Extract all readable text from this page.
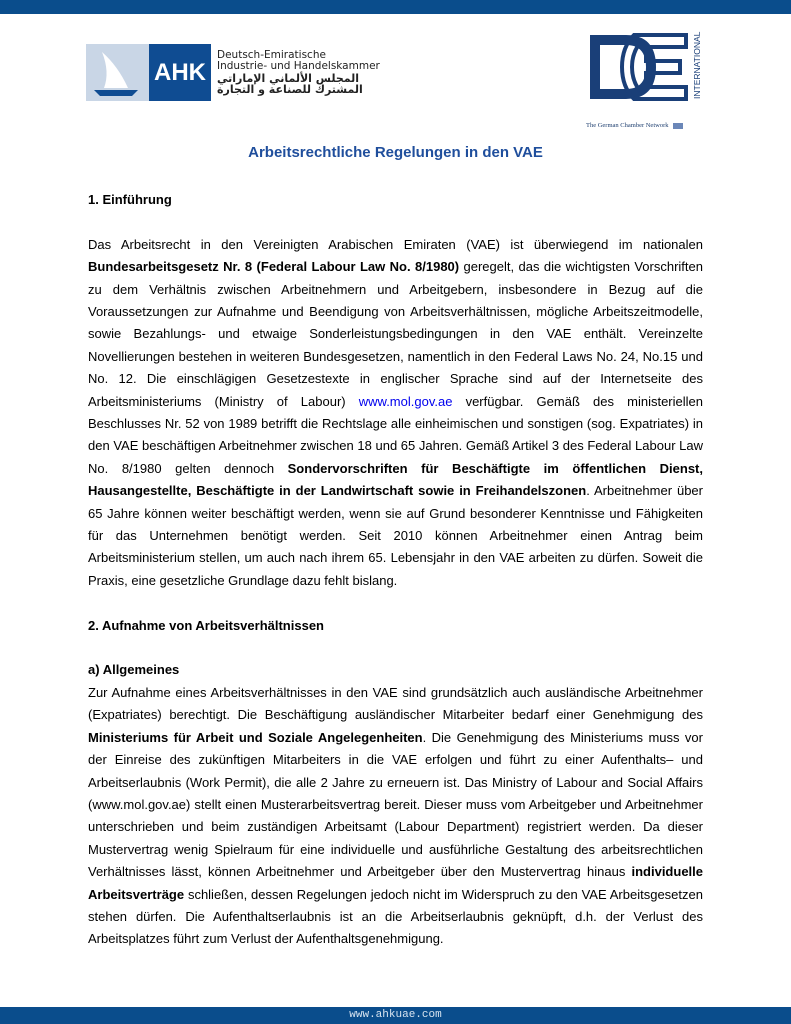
AHK
Deutsch-Emiratische
Industrie- und Handelskammer
المجلس الألماني الإماراتي
المشترك للصناعة و التجارة	INTERNATIONAL
The German Chamber Network
Arbeitsrechtliche Regelungen in den VAE
1. Einführung

Das Arbeitsrecht in den Vereinigten Arabischen Emiraten (VAE) ist überwiegend im nationalen Bundesarbeitsgesetz Nr. 8 (Federal Labour Law No. 8/1980) geregelt, das die wichtigsten Vorschriften zu dem Verhältnis zwischen Arbeitnehmern und Arbeitgebern, insbesondere in Bezug auf die Voraussetzungen zur Aufnahme und Beendigung von Arbeitsverhältnissen, mögliche Arbeitszeitmodelle, sowie Bezahlungs- und etwaige Sonderleistungsbedingungen in den VAE enthält. Vereinzelte Novellierungen bestehen in weiteren Bundesgesetzen, namentlich in den Federal Laws No. 24, No.15 und No. 12. Die einschlägigen Gesetzestexte in englischer Sprache sind auf der Internetseite des Arbeitsministeriums (Ministry of Labour) www.mol.gov.ae verfügbar. Gemäß des ministeriellen Beschlusses Nr. 52 von 1989 betrifft die Rechtslage alle einheimischen und sonstigen (sog. Expatriates) in den VAE beschäftigen Arbeitnehmer zwischen 18 und 65 Jahren. Gemäß Artikel 3 des Federal Labour Law No. 8/1980 gelten dennoch Sondervorschriften für Beschäftigte im öffentlichen Dienst, Hausangestellte, Beschäftigte in der Landwirtschaft sowie in Freihandelszonen. Arbeitnehmer über 65 Jahre können weiter beschäftigt werden, wenn sie auf Grund besonderer Kenntnisse und Fähigkeiten für das Unternehmen benötigt werden. Seit 2010 können Arbeitnehmer einen Antrag beim Arbeitsministerium stellen, um auch nach ihrem 65. Lebensjahr in den VAE arbeiten zu dürfen. Soweit die Praxis, eine gesetzliche Grundlage dazu fehlt bislang.

2. Aufnahme von Arbeitsverhältnissen
a) Allgemeines

Zur Aufnahme eines Arbeitsverhältnisses in den VAE sind grundsätzlich auch ausländische Arbeitnehmer (Expatriates) berechtigt. Die Beschäftigung ausländischer Mitarbeiter bedarf einer Genehmigung des Ministeriums für Arbeit und Soziale Angelegenheiten. Die Genehmigung des Ministeriums muss vor der Einreise des zukünftigen Mitarbeiters in die VAE erfolgen und führt zu einer Aufenthalts– und Arbeitserlaubnis (Work Permit), die alle 2 Jahre zu erneuern ist. Das Ministry of Labour and Social Affairs (www.mol.gov.ae) stellt einen Musterarbeitsvertrag bereit. Dieser muss vom Arbeitgeber und Arbeitnehmer unterschrieben und beim zuständigen Arbeitsamt (Labour Department) registriert werden. Da dieser Mustervertrag wenig Spielraum für eine individuelle und ausführliche Gestaltung des arbeitsrechtlichen Verhältnisses lässt, können Arbeitnehmer und Arbeitgeber über den Mustervertrag hinaus individuelle Arbeitsverträge schließen, dessen Regelungen jedoch nicht im Widerspruch zu den VAE Arbeitsgesetzen stehen dürfen. Die Aufenthaltserlaubnis ist an die Arbeitserlaubnis geknüpft, d.h. der Verlust des Arbeitsplatzes führt zum Verlust der Aufenthaltsgenehmigung.

www.ahkuae.com
